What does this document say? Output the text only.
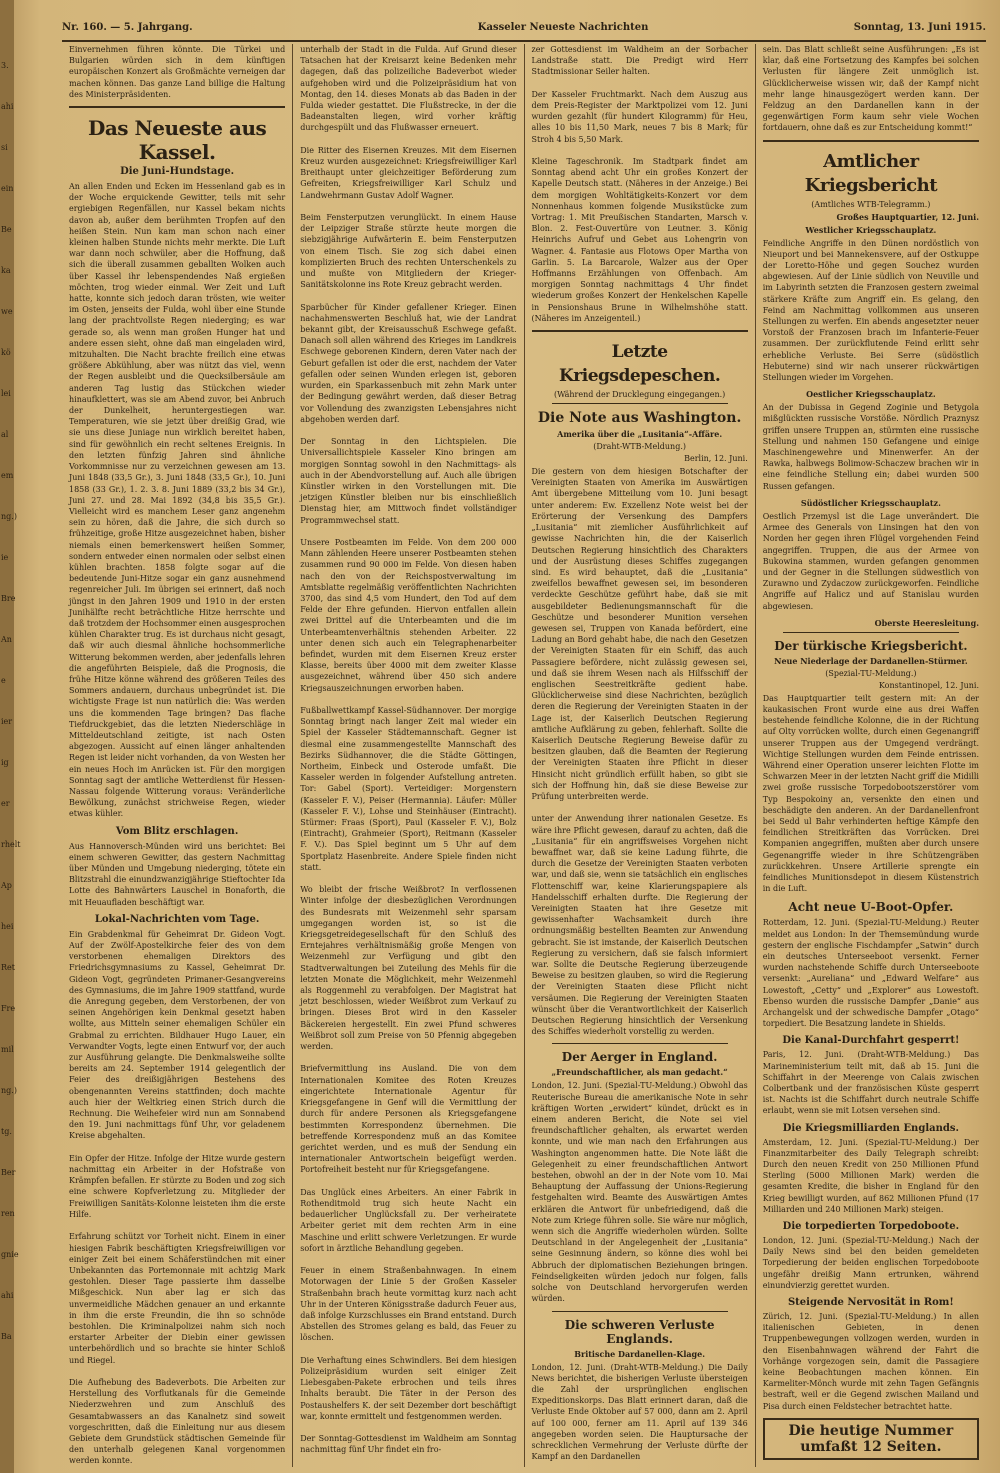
3.
ahi
si
ein
Be
ka
we
kö
lei
al
em
ng.)
ie
Bre
An
e
ier
ig
er
rhelt
Ap
hei
Ret
Fre
mil
ng.)
tg.
Ber
ren
gnie
ahi
Ba
Nr. 160. — 5. Jahrgang.	Kasseler Neueste Nachrichten	Sonntag, 13. Juni 1915.

Einvernehmen führen könnte. Die Türkei und Bulgarien würden sich in dem künftigen europäischen Konzert als Großmächte verneigen dar machen können. Das ganze Land billige die Haltung des Ministerpräsidenten.

Das Neueste aus Kassel.
Die Juni-Hundstage.

An allen Enden und Ecken im Hessenland gab es in der Woche erquickende Gewitter, teils mit sehr ergiebigen Regenfällen, nur Kassel bekam nichts davon ab, außer dem berühmten Tropfen auf den heißen Stein. Nun kam man schon nach einer kleinen halben Stunde nichts mehr merkte. Die Luft war dann noch schwüler, aber die Hoffnung, daß sich die überall zusammen geballten Wolken auch über Kassel ihr lebenspendendes Naß ergießen möchten, trog wieder einmal. Wer Zeit und Luft hatte, konnte sich jedoch daran trösten, wie weiter im Osten, jenseits der Fulda, wohl über eine Stunde lang der prachtvollste Regen niederging; es war gerade so, als wenn man großen Hunger hat und andere essen sieht, ohne daß man eingeladen wird, mitzuhalten. Die Nacht brachte freilich eine etwas größere Abkühlung, aber was nützt das viel, wenn der Regen ausbleibt und die Quecksilbersäule am anderen Tag lustig das Stückchen wieder hinaufklettert, was sie am Abend zuvor, bei Anbruch der Dunkelheit, heruntergestiegen war. Temperaturen, wie sie jetzt über dreißig Grad, wie sie uns diese Juniage nun wirklich bereitet haben, sind für gewöhnlich ein recht seltenes Ereignis. In den letzten fünfzig Jahren sind ähnliche Vorkommnisse nur zu verzeichnen gewesen am 13. Juni 1848 (33,5 Gr.), 3. Juni 1848 (33,5 Gr.), 10. Juni 1858 (33 Gr.), 1. 2. 3. 8. Juni 1889 (33,2 bis 34 Gr.), Juni 27. und 28. Mai 1892 (34,8 bis 35,5 Gr.). Vielleicht wird es manchem Leser ganz angenehm sein zu hören, daß die Jahre, die sich durch so frühzeitige, große Hitze ausgezeichnet haben, bisher niemals einen bemerkenswert heißen Sommer, sondern entweder einen normalen oder selbst einen kühlen brachten. 1858 folgte sogar auf die bedeutende Juni-Hitze sogar ein ganz ausnehmend regenreicher Juli. Im übrigen sei erinnert, daß noch jüngst in den Jahren 1909 und 1910 in der ersten Junihälfte recht beträchtliche Hitze herrschte und daß trotzdem der Hochsommer einen ausgesprochen kühlen Charakter trug. Es ist durchaus nicht gesagt, daß wir auch diesmal ähnliche hochsommerliche Witterung bekommen werden, aber jedenfalls lehren die angeführten Beispiele, daß die Prognosis, die frühe Hitze könne während des größeren Teiles des Sommers andauern, durchaus unbegründet ist. Die wichtigste Frage ist nun natürlich die: Was werden uns die kommenden Tage bringen? Das flache Tiefdruckgebiet, das die letzten Niederschläge in Mitteldeutschland zeitigte, ist nach Osten abgezogen. Aussicht auf einen länger anhaltenden Regen ist leider nicht vorhanden, da von Westen her ein neues Hoch im Anrücken ist. Für den morgigen Sonntag sagt der amtliche Wetterdienst für Hessen-Nassau folgende Witterung voraus: Veränderliche Bewölkung, zunächst strichweise Regen, wieder etwas kühler.

Vom Blitz erschlagen.

Aus Hannoversch-Münden wird uns berichtet: Bei einem schweren Gewitter, das gestern Nachmittag über Münden und Umgebung niederging, tötete ein Blitzstrahl die einundzwanzigjährige Stieftochter Ida Lotte des Bahnwärters Lauschel in Bonaforth, die mit Heuaufladen beschäftigt war.

Lokal-Nachrichten vom Tage.

Ein Grabdenkmal für Geheimrat Dr. Gideon Vogt. Auf der Zwölf-Apostelkirche feier des von dem verstorbenen ehemaligen Direktors des Friedrichsgymnasiums zu Kassel, Geheimrat Dr. Gideon Vogt, gegründeten Primaner-Gesangvereins des Gymnasiums, die im Jahre 1909 stattfand, wurde die Anregung gegeben, dem Verstorbenen, der von seinen Angehörigen kein Denkmal gesetzt haben wollte, aus Mitteln seiner ehemaligen Schüler ein Grabmal zu errichten. Bildhauer Hugo Lauer, ein Verwandter Vogts, legte einen Entwurf vor, der auch zur Ausführung gelangte. Die Denkmalsweihe sollte bereits am 24. September 1914 gelegentlich der Feier des dreißigjährigen Bestehens des obengenannten Vereins stattfinden; doch machte auch hier der Weltkrieg einen Strich durch die Rechnung. Die Weihefeier wird nun am Sonnabend den 19. Juni nachmittags fünf Uhr, vor geladenem Kreise abgehalten.

Ein Opfer der Hitze. Infolge der Hitze wurde gestern nachmittag ein Arbeiter in der Hofstraße von Krämpfen befallen. Er stürzte zu Boden und zog sich eine schwere Kopfverletzung zu. Mitglieder der Freiwilligen Sanitäts-Kolonne leisteten ihm die erste Hilfe.

Erfahrung schützt vor Torheit nicht. Einem in einer hiesigen Fabrik beschäftigten Kriegsfreiwilligen vor einiger Zeit bei einem Schäferstündchen mit einer Unbekannten das Portemonnaie mit achtzig Mark gestohlen. Dieser Tage passierte ihm dasselbe Mißgeschick. Nun aber lag er sich das unvermeidliche Mädchen genauer an und erkannte in ihm die erste Freundin, die ihn so schnöde bestohlen. Die Kriminalpolizei nahm sich noch erstarter Arbeiter der Diebin einer gewissen unterbehördlich und so brachte sie hinter Schloß und Riegel.

Die Aufhebung des Badeverbots. Die Arbeiten zur Herstellung des Vorflutkanals für die Gemeinde Niederzwehren und zum Anschluß des Gesamtabwassers an das Kanalnetz sind soweit vorgeschritten, daß die Einleitung nur aus diesem Gebiete dem Grundstück städtischen Gemeinde für den unterhalb gelegenen Kanal vorgenommen werden konnte.

unterhalb der Stadt in die Fulda. Auf Grund dieser Tatsachen hat der Kreisarzt keine Bedenken mehr dagegen, daß das polizeiliche Badeverbot wieder aufgehoben wird und die Polizeipräsidium hat von Montag, den 14. dieses Monats ab das Baden in der Fulda wieder gestattet. Die Flußstrecke, in der die Badeanstalten liegen, wird vorher kräftig durchgespült und das Flußwasser erneuert.

Die Ritter des Eisernen Kreuzes. Mit dem Eisernen Kreuz wurden ausgezeichnet: Kriegsfreiwilliger Karl Breithaupt unter gleichzeitiger Beförderung zum Gefreiten, Kriegsfreiwilliger Karl Schulz und Landwehrmann Gustav Adolf Wagner.

Beim Fensterputzen verunglückt. In einem Hause der Leipziger Straße stürzte heute morgen die siebzigjährige Aufwärterin E. beim Fensterputzen von einem Tisch. Sie zog sich dabei einen komplizierten Bruch des rechten Unterschenkels zu und mußte von Mitgliedern der Krieger-Sanitätskolonne ins Rote Kreuz gebracht werden.

Sparbücher für Kinder gefallener Krieger. Einen nachahmenswerten Beschluß hat, wie der Landrat bekannt gibt, der Kreisausschuß Eschwege gefaßt. Danach soll allen während des Krieges im Landkreis Eschwege geborenen Kindern, deren Vater nach der Geburt gefallen ist oder die erst, nachdem der Vater gefallen oder seinen Wunden erlegen ist, geboren wurden, ein Sparkassenbuch mit zehn Mark unter der Bedingung gewährt werden, daß dieser Betrag vor Vollendung des zwanzigsten Lebensjahres nicht abgehoben werden darf.

Der Sonntag in den Lichtspielen. Die Universallichtspiele Kasseler Kino bringen am morgigen Sonntag sowohl in den Nachmittags- als auch in der Abendvorstellung auf. Auch alle übrigen Künstler wirken in den Vorstellungen mit. Die jetzigen Künstler bleiben nur bis einschließlich Dienstag hier, am Mittwoch findet vollständiger Programmwechsel statt.

Unsere Postbeamten im Felde. Von dem 200 000 Mann zählenden Heere unserer Postbeamten stehen zusammen rund 90 000 im Felde. Von diesen haben nach den von der Reichspostverwaltung im Amtsblatte regelmäßig veröffentlichten Nachrichten 3700, das sind 4,5 vom Hundert, den Tod auf dem Felde der Ehre gefunden. Hiervon entfallen allein zwei Drittel auf die Unterbeamten und die im Unterbeamtenverhältnis stehenden Arbeiter. 22 unter denen sich auch ein Telegraphenarbeiter befindet, wurden mit dem Eisernen Kreuz erster Klasse, bereits über 4000 mit dem zweiter Klasse ausgezeichnet, während über 450 sich andere Kriegsauszeichnungen erworben haben.

Fußballwettkampf Kassel-Südhannover. Der morgige Sonntag bringt nach langer Zeit mal wieder ein Spiel der Kasseler Städtemannschaft. Gegner ist diesmal eine zusammengestellte Mannschaft des Bezirks Südhannover, die die Städte Göttingen, Northeim, Einbeck und Osterode umfaßt. Die Kasseler werden in folgender Aufstellung antreten. Tor: Gabel (Sport). Verteidiger: Morgenstern (Kasseler F. V.), Peiser (Hermannia). Läufer: Müller (Kasseler F. V.), Lohse und Steinhäuser (Eintracht). Stürmer: Fraas (Sport), Paul (Kasseler F. V.), Bolz (Eintracht), Grahmeier (Sport), Reitmann (Kasseler F. V.). Das Spiel beginnt um 5 Uhr auf dem Sportplatz Hasenbreite. Andere Spiele finden nicht statt.

Wo bleibt der frische Weißbrot? In verflossenen Winter infolge der diesbezüglichen Verordnungen des Bundesrats mit Weizenmehl sehr sparsam umgegangen worden ist, so ist die Kriegsgetreidegesellschaft für den Schluß des Erntejahres verhältnismäßig große Mengen von Weizenmehl zur Verfügung und gibt den Stadtverwaltungen bei Zuteilung des Mehls für die letzten Monate die Möglichkeit, mehr Weizenmehl als Roggenmehl zu verabfolgen. Der Magistrat hat jetzt beschlossen, wieder Weißbrot zum Verkauf zu bringen. Dieses Brot wird in den Kasseler Bäckereien hergestellt. Ein zwei Pfund schweres Weißbrot soll zum Preise von 50 Pfennig abgegeben werden.

Briefvermittlung ins Ausland. Die von dem Internationalen Komitee des Roten Kreuzes eingerichtete Internationale Agentur für Kriegsgefangene in Genf will die Vermittlung der durch für andere Personen als Kriegsgefangene bestimmten Korrespondenz übernehmen. Die betreffende Korrespondenz muß an das Komitee gerichtet werden, und es muß der Sendung ein internationaler Antwortschein beigefügt werden. Portofreiheit besteht nur für Kriegsgefangene.

Das Unglück eines Arbeiters. An einer Fabrik in Rothenditmold trug sich heute Nacht ein bedauerlicher Unglücksfall zu. Der verheiratete Arbeiter geriet mit dem rechten Arm in eine Maschine und erlitt schwere Verletzungen. Er wurde sofort in ärztliche Behandlung gegeben.

Feuer in einem Straßenbahnwagen. In einem Motorwagen der Linie 5 der Großen Kasseler Straßenbahn brach heute vormittag kurz nach acht Uhr in der Unteren Königsstraße dadurch Feuer aus, daß infolge Kurzschlusses ein Brand entstand. Durch Abstellen des Stromes gelang es bald, das Feuer zu löschen.

Die Verhaftung eines Schwindlers. Bei dem hiesigen Polizeipräsidium wurden seit einiger Zeit Liebesgaben-Pakete erbrochen und teils ihres Inhalts beraubt. Die Täter in der Person des Postaushelfers K. der seit Dezember dort beschäftigt war, konnte ermittelt und festgenommen werden.

Der Sonntag-Gottesdienst im Waldheim am Sonntag nachmittag fünf Uhr findet ein fro-

zer Gottesdienst im Waldheim an der Sorbacher Landstraße statt. Die Predigt wird Herr Stadtmissionar Seiler halten.

Der Kasseler Fruchtmarkt. Nach dem Auszug aus dem Preis-Register der Marktpolizei vom 12. Juni wurden gezahlt (für hundert Kilogramm) für Heu, alles 10 bis 11,50 Mark, neues 7 bis 8 Mark; für Stroh 4 bis 5,50 Mark.

Kleine Tageschronik. Im Stadtpark findet am Sonntag abend acht Uhr ein großes Konzert der Kapelle Deutsch statt. (Näheres in der Anzeige.) Bei dem morgigen Wohltätigkeits-Konzert vor dem Nonnenhaus kommen folgende Musikstücke zum Vortrag: 1. Mit Preußischen Standarten, Marsch v. Blon. 2. Fest-Ouvertüre von Leutner. 3. König Heinrichs Aufruf und Gebet aus Lohengrin von Wagner. 4. Fantasie aus Flotows Oper Martha von Garlin. 5. La Barcarole, Walzer aus der Oper Hoffmanns Erzählungen von Offenbach. Am morgigen Sonntag nachmittags 4 Uhr findet wiederum großes Konzert der Henkelschen Kapelle in Pensionshaus Brune in Wilhelmshöhe statt. (Näheres im Anzeigenteil.)

Letzte Kriegsdepeschen.
(Während der Drucklegung eingegangen.)
Die Note aus Washington.
Amerika über die „Lusitania“-Affäre.
(Draht-WTB-Meldung.)
Berlin, 12. Juni.

Die gestern von dem hiesigen Botschafter der Vereinigten Staaten von Amerika im Auswärtigen Amt übergebene Mitteilung vom 10. Juni besagt unter anderem: Ew. Exzellenz Note weist bei der Erörterung der Versenkung des Dampfers „Lusitania“ mit ziemlicher Ausführlichkeit auf gewisse Nachrichten hin, die der Kaiserlich Deutschen Regierung hinsichtlich des Charakters und der Ausrüstung dieses Schiffes zugegangen sind. Es wird behauptet, daß die „Lusitania“ zweifellos bewaffnet gewesen sei, im besonderen verdeckte Geschütze geführt habe, daß sie mit ausgebildeter Bedienungsmannschaft für die Geschütze und besonderer Munition versehen gewesen sei, Truppen von Kanada befördert, eine Ladung an Bord gehabt habe, die nach den Gesetzen der Vereinigten Staaten für ein Schiff, das auch Passagiere befördere, nicht zulässig gewesen sei, und daß sie ihrem Wesen nach als Hilfsschiff der englischen Seestreitkräfte gedient habe. Glücklicherweise sind diese Nachrichten, bezüglich deren die Regierung der Vereinigten Staaten in der Lage ist, der Kaiserlich Deutschen Regierung amtliche Aufklärung zu geben, fehlerhaft. Sollte die Kaiserlich Deutsche Regierung Beweise dafür zu besitzen glauben, daß die Beamten der Regierung der Vereinigten Staaten ihre Pflicht in dieser Hinsicht nicht gründlich erfüllt haben, so gibt sie sich der Hoffnung hin, daß sie diese Beweise zur Prüfung unterbreiten werde.

unter der Anwendung ihrer nationalen Gesetze. Es wäre ihre Pflicht gewesen, darauf zu achten, daß die „Lusitania“ für ein angriffsweises Vorgehen nicht bewaffnet war, daß sie keine Ladung führte, die durch die Gesetze der Vereinigten Staaten verboten war, und daß sie, wenn sie tatsächlich ein englisches Flottenschiff war, keine Klarierungspapiere als Handelsschiff erhalten durfte. Die Regierung der Vereinigten Staaten hat ihre Gesetze mit gewissenhafter Wachsamkeit durch ihre ordnungsmäßig bestellten Beamten zur Anwendung gebracht. Sie ist imstande, der Kaiserlich Deutschen Regierung zu versichern, daß sie falsch informiert war. Sollte die Deutsche Regierung überzeugende Beweise zu besitzen glauben, so wird die Regierung der Vereinigten Staaten diese Pflicht nicht versäumen. Die Regierung der Vereinigten Staaten wünscht über die Verantwortlichkeit der Kaiserlich Deutschen Regierung hinsichtlich der Versenkung des Schiffes wiederholt vorstellig zu werden.

Der Aerger in England.
„Freundschaftlicher, als man gedacht.“

London, 12. Juni. (Spezial-TU-Meldung.) Obwohl das Reuterische Bureau die amerikanische Note in sehr kräftigen Worten „erwidert“ kündet, drückt es in einem anderen Bericht, die Note sei viel freundschaftlicher gehalten, als erwartet werden konnte, und wie man nach den Erfahrungen aus Washington angenommen hatte. Die Note läßt die Gelegenheit zu einer freundschaftlichen Antwort bestehen, obwohl an der in der Note vom 10. Mai Behauptung der Auffassung der Unions-Regierung festgehalten wird. Beamte des Auswärtigen Amtes erklären die Antwort für unbefriedigend, daß die Note zum Kriege führen solle. Sie wäre nur möglich, wenn sich die Angriffe wiederholen würden. Sollte Deutschland in der Angelegenheit der „Lusitania“ seine Gesinnung ändern, so könne dies wohl bei Abbruch der diplomatischen Beziehungen bringen. Feindseligkeiten würden jedoch nur folgen, falls solche von Deutschland hervorgerufen werden würden.

Die schweren Verluste Englands.
Britische Dardanellen-Klage.

London, 12. Juni. (Draht-WTB-Meldung.) Die Daily News berichtet, die bisherigen Verluste übersteigen die Zahl der ursprünglichen englischen Expeditionskorps. Das Blatt erinnert daran, daß die Verluste Ende Oktober auf 57 000, dann am 2. April auf 100 000, ferner am 11. April auf 139 346 angegeben worden seien. Die Hauptursache der schrecklichen Vermehrung der Verluste dürfte der Kampf an den Dardanellen

sein. Das Blatt schließt seine Ausführungen: „Es ist klar, daß eine Fortsetzung des Kampfes bei solchen Verlusten für längere Zeit unmöglich ist. Glücklicherweise wissen wir, daß der Kampf nicht mehr lange hinausgezögert werden kann. Der Feldzug an den Dardanellen kann in der gegenwärtigen Form kaum sehr viele Wochen fortdauern, ohne daß es zur Entscheidung kommt!“

Amtlicher Kriegsbericht
(Amtliches WTB-Telegramm.)
Großes Hauptquartier, 12. Juni.
Westlicher Kriegsschauplatz.

Feindliche Angriffe in den Dünen nordöstlich von Nieuport und bei Mannekensvere, auf der Ostkuppe der Loretto-Höhe und gegen Souchez wurden abgewiesen. Auf der Linie südlich von Neuville und im Labyrinth setzten die Franzosen gestern zweimal stärkere Kräfte zum Angriff ein. Es gelang, den Feind am Nachmittag vollkommen aus unseren Stellungen zu werfen. Ein abends angesetzter neuer Vorstoß der Franzosen brach im Infanterie-Feuer zusammen. Der zurückflutende Feind erlitt sehr erhebliche Verluste. Bei Serre (südöstlich Hebuterne) sind wir nach unserer rückwärtigen Stellungen wieder im Vorgehen.

Oestlicher Kriegsschauplatz.

An der Dubissa in Gegend Zoginie und Betygola mißglückten russische Vorstöße. Nördlich Praznysz griffen unsere Truppen an, stürmten eine russische Stellung und nahmen 150 Gefangene und einige Maschinengewehre und Minenwerfer. An der Rawka, halbwegs Bolimow-Schaczew brachen wir in eine feindliche Stellung ein; dabei wurden 500 Russen gefangen.

Südöstlicher Kriegsschauplatz.

Oestlich Przemysl ist die Lage unverändert. Die Armee des Generals von Linsingen hat den von Norden her gegen ihren Flügel vorgehenden Feind angegriffen. Truppen, die aus der Armee von Bukowina stammen, wurden gefangen genommen und der Gegner in die Stellungen südwestlich von Zurawno und Zydaczow zurückgeworfen. Feindliche Angriffe auf Halicz und auf Stanislau wurden abgewiesen.

Oberste Heeresleitung.
Der türkische Kriegsbericht.
Neue Niederlage der Dardanellen-Stürmer.
(Spezial-TU-Meldung.)
Konstantinopel, 12. Juni.

Das Hauptquartier teilt gestern mit: An der kaukasischen Front wurde eine aus drei Waffen bestehende feindliche Kolonne, die in der Richtung auf Olty vorrücken wollte, durch einen Gegenangriff unserer Truppen aus der Umgegend verdrängt. Wichtige Stellungen wurden dem Feinde entrissen. Während einer Operation unserer leichten Flotte im Schwarzen Meer in der letzten Nacht griff die Midilli zwei große russische Torpedobootszerstörer vom Typ Bespokoiny an, versenkte den einen und beschädigte den anderen. An der Dardanellenfront bei Sedd ul Bahr verhinderten heftige Kämpfe den feindlichen Streitkräften das Vorrücken. Drei Kompanien angegriffen, mußten aber durch unsere Gegenangriffe wieder in ihre Schützengräben zurückkehren. Unsere Artillerie sprengte ein feindliches Munitionsdepot in diesem Küstenstrich in die Luft.

Acht neue U-Boot-Opfer.

Rotterdam, 12. Juni. (Spezial-TU-Meldung.) Reuter meldet aus London: In der Themsemündung wurde gestern der englische Fischdampfer „Satwin“ durch ein deutsches Unterseeboot versenkt. Ferner wurden nachstehende Schiffe durch Unterseeboote versenkt: „Aureliana“ und „Edward Welfare“ aus Lowestoft, „Cetty“ und „Explorer“ aus Lowestoft. Ebenso wurden die russische Dampfer „Danie“ aus Archangelsk und der schwedische Dampfer „Otago“ torpediert. Die Besatzung landete in Shields.

Die Kanal-Durchfahrt gesperrt!

Paris, 12. Juni. (Draht-WTB-Meldung.) Das Marineministerium teilt mit, daß ab 15. Juni die Schiffahrt in der Meerenge von Calais zwischen Colbertbank und der französischen Küste gesperrt ist. Nachts ist die Schiffahrt durch neutrale Schiffe erlaubt, wenn sie mit Lotsen versehen sind.

Die Kriegsmilliarden Englands.

Amsterdam, 12. Juni. (Spezial-TU-Meldung.) Der Finanzmitarbeiter des Daily Telegraph schreibt: Durch den neuen Kredit von 250 Millionen Pfund Sterling (5000 Millionen Mark) werden die gesamten Kredite, die bisher in England für den Krieg bewilligt wurden, auf 862 Millionen Pfund (17 Milliarden und 240 Millionen Mark) steigen.

Die torpedierten Torpedoboote.

London, 12. Juni. (Spezial-TU-Meldung.) Nach der Daily News sind bei den beiden gemeldeten Torpedierung der beiden englischen Torpedoboote ungefähr dreißig Mann ertrunken, während einundvierzig gerettet wurden.

Steigende Nervosität in Rom!

Zürich, 12. Juni. (Spezial-TU-Meldung.) In allen italienischen Gebieten, in denen Truppenbewegungen vollzogen werden, wurden in den Eisenbahnwagen während der Fahrt die Vorhänge vorgezogen sein, damit die Passagiere keine Beobachtungen machen können. Ein Karmeliter-Mönch wurde mit zehn Tagen Gefängnis bestraft, weil er die Gegend zwischen Mailand und Pisa durch einen Feldstecher betrachtet hatte.

Die heutige Nummer umfaßt 12 Seiten.
